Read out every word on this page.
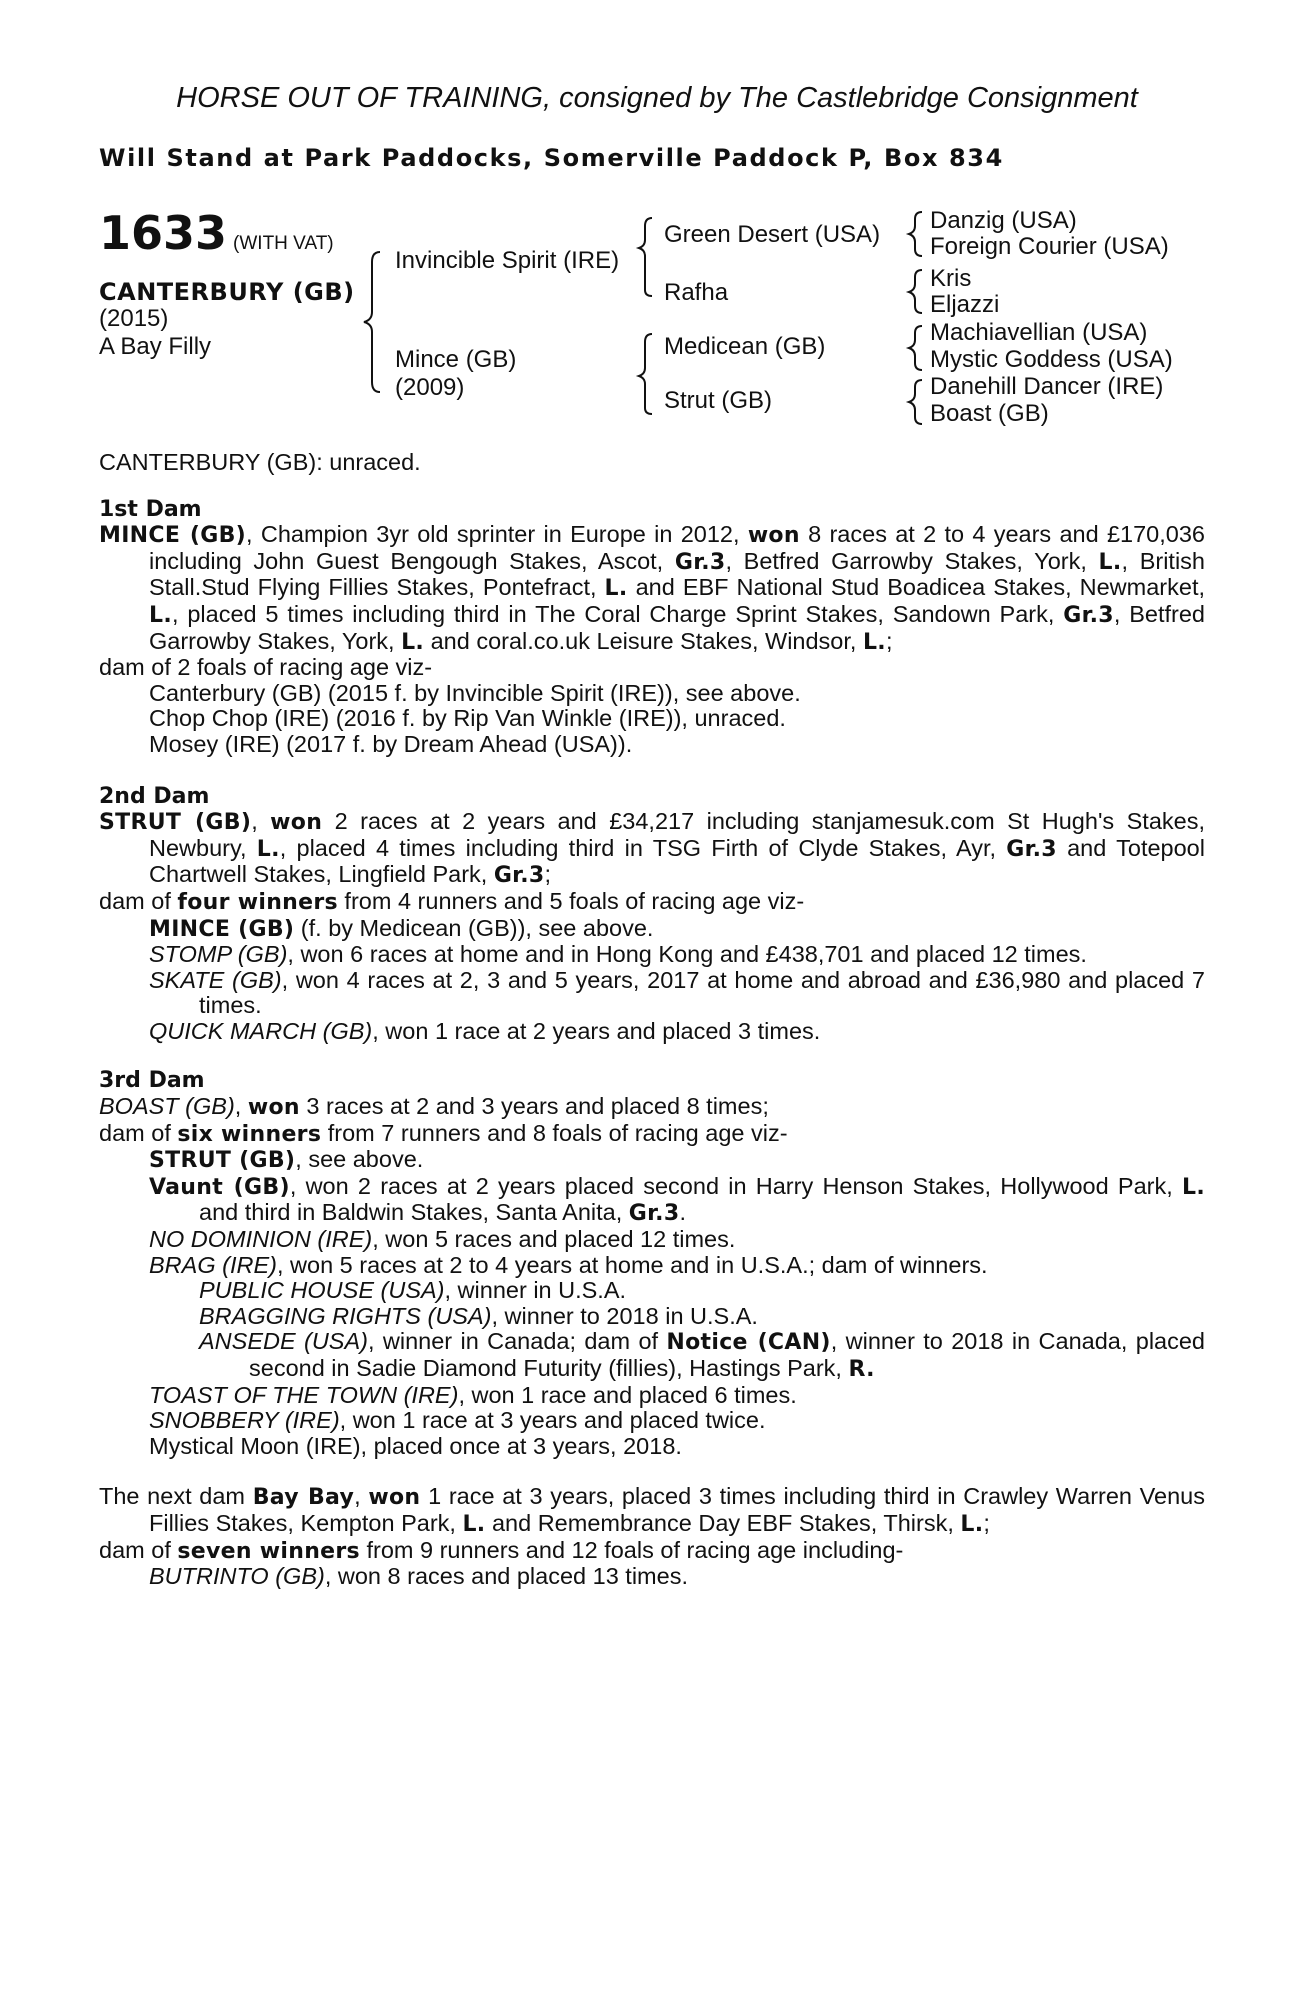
HORSE OUT OF TRAINING, consigned by The Castlebridge Consignment
Will Stand at Park Paddocks, Somerville Paddock P, Box 834
1633 (WITH VAT)
CANTERBURY (GB)
(2015)
A Bay Filly
Invincible Spirit (IRE)
Mince (GB)
(2009)
Green Desert (USA)
Rafha
Medicean (GB)
Strut (GB)
Danzig (USA)
Foreign Courier (USA)
Kris
Eljazzi
Machiavellian (USA)
Mystic Goddess (USA)
Danehill Dancer (IRE)
Boast (GB)

CANTERBURY (GB): unraced.

1st Dam

MINCE (GB), Champion 3yr old sprinter in Europe in 2012, won 8 races at 2 to 4 years and £170,036 including John Guest Bengough Stakes, Ascot, Gr.3, Betfred Garrowby Stakes, York, L., British Stall.Stud Flying Fillies Stakes, Pontefract, L. and EBF National Stud Boadicea Stakes, Newmarket, L., placed 5 times including third in The Coral Charge Sprint Stakes, Sandown Park, Gr.3, Betfred Garrowby Stakes, York, L. and coral.co.uk Leisure Stakes, Windsor, L.;

dam of 2 foals of racing age viz-

Canterbury (GB) (2015 f. by Invincible Spirit (IRE)), see above.

Chop Chop (IRE) (2016 f. by Rip Van Winkle (IRE)), unraced.

Mosey (IRE) (2017 f. by Dream Ahead (USA)).

2nd Dam

STRUT (GB), won 2 races at 2 years and £34,217 including stanjamesuk.com St Hugh's Stakes, Newbury, L., placed 4 times including third in TSG Firth of Clyde Stakes, Ayr, Gr.3 and Totepool Chartwell Stakes, Lingfield Park, Gr.3;

dam of four winners from 4 runners and 5 foals of racing age viz-

MINCE (GB) (f. by Medicean (GB)), see above.

STOMP (GB), won 6 races at home and in Hong Kong and £438,701 and placed 12 times.

SKATE (GB), won 4 races at 2, 3 and 5 years, 2017 at home and abroad and £36,980 and placed 7 times.

QUICK MARCH (GB), won 1 race at 2 years and placed 3 times.

3rd Dam

BOAST (GB), won 3 races at 2 and 3 years and placed 8 times;

dam of six winners from 7 runners and 8 foals of racing age viz-

STRUT (GB), see above.

Vaunt (GB), won 2 races at 2 years placed second in Harry Henson Stakes, Hollywood Park, L. and third in Baldwin Stakes, Santa Anita, Gr.3.

NO DOMINION (IRE), won 5 races and placed 12 times.

BRAG (IRE), won 5 races at 2 to 4 years at home and in U.S.A.; dam of winners.

PUBLIC HOUSE (USA), winner in U.S.A.

BRAGGING RIGHTS (USA), winner to 2018 in U.S.A.

ANSEDE (USA), winner in Canada; dam of Notice (CAN), winner to 2018 in Canada, placed second in Sadie Diamond Futurity (fillies), Hastings Park, R.

TOAST OF THE TOWN (IRE), won 1 race and placed 6 times.

SNOBBERY (IRE), won 1 race at 3 years and placed twice.

Mystical Moon (IRE), placed once at 3 years, 2018.

The next dam Bay Bay, won 1 race at 3 years, placed 3 times including third in Crawley Warren Venus Fillies Stakes, Kempton Park, L. and Remembrance Day EBF Stakes, Thirsk, L.;

dam of seven winners from 9 runners and 12 foals of racing age including-

BUTRINTO (GB), won 8 races and placed 13 times.
